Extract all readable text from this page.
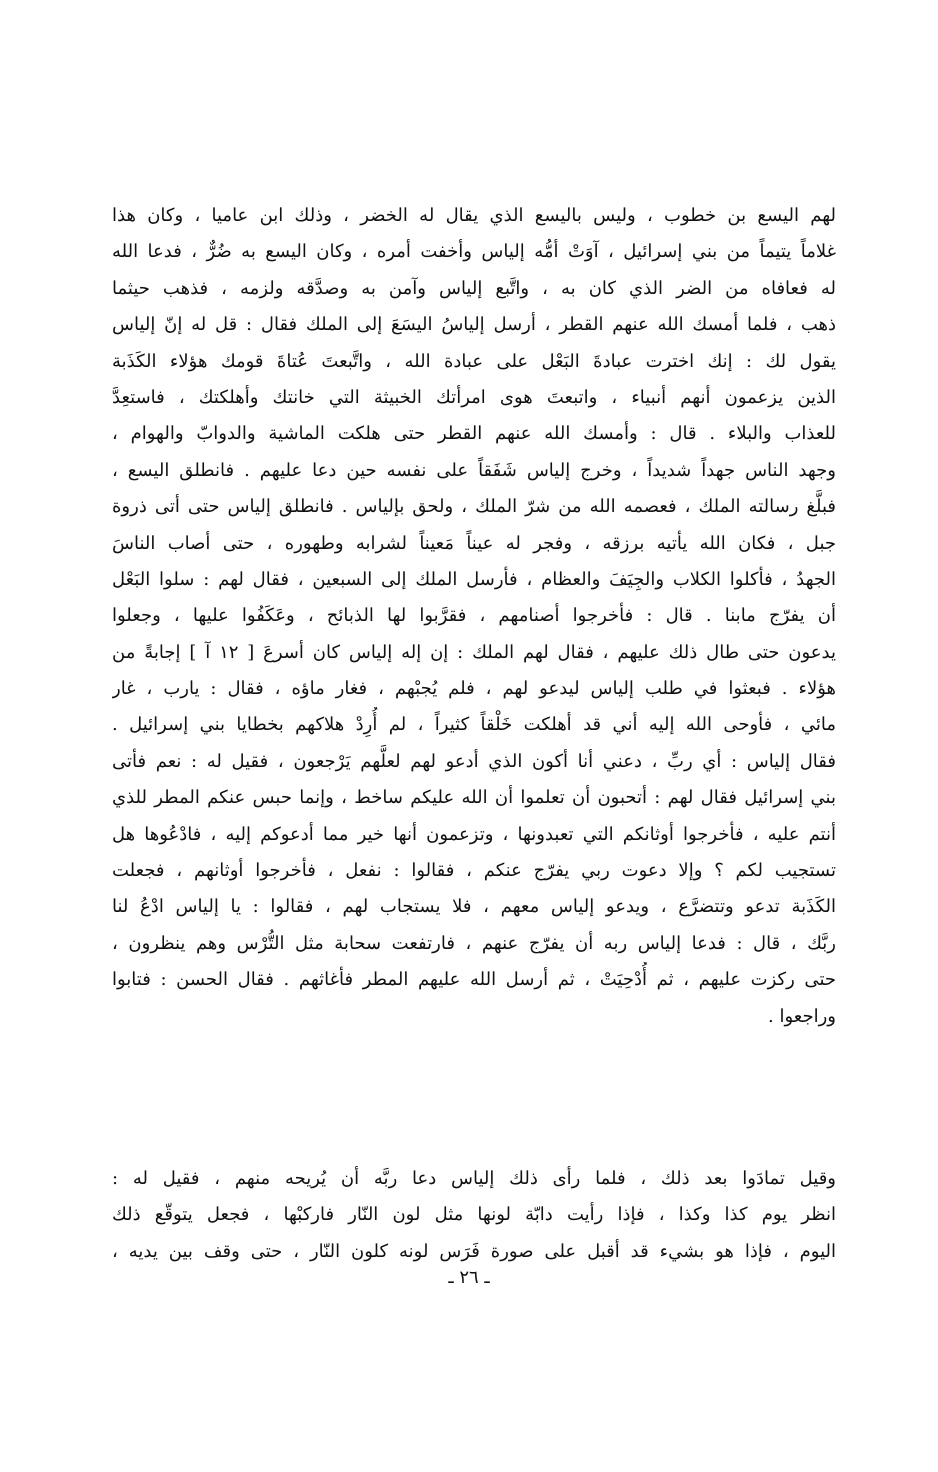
لهم اليسع بن خطوب ، وليس باليسع الذي يقال له الخضر ، وذلك ابن عاميا ، وكان هذا
غلاماً يتيماً من بني إسرائيل ، آوَتْ أمُّه إلياس وأخفت أمره ، وكان اليسع به ضُرٌّ ، فدعا الله
له فعافاه من الضر الذي كان به ، واتَّبع إلياس وآمن به وصدَّقه ولزمه ، فذهب حيثما
ذهب ، فلما أمسك الله عنهم القطر ، أرسل إلياسُ اليسَعَ إلى الملك فقال : قل له إنّ إلياس
يقول لك : إنك اخترت عبادةَ البَعْل على عبادة الله ، واتَّبعتَ عُتاةَ قومك هؤلاء الكَذَبة
الذين يزعمون أنهم أنبياء ، واتبعتَ هوى امرأتك الخبيثة التي خانتك وأهلكتك ، فاستعِدَّ
للعذاب والبلاء . قال : وأمسك الله عنهم القطر حتى هلكت الماشية والدوابّ والهوام ،
وجهد الناس جهداً شديداً ، وخرج إلياس شَفَقاً على نفسه حين دعا عليهم . فانطلق اليسع ،
فبلَّغ رسالته الملك ، فعصمه الله من شرّ الملك ، ولحق بإلياس . فانطلق إلياس حتى أتى ذروة
جبل ، فكان الله يأتيه برزقه ، وفجر له عيناً مَعيناً لشرابه وطهوره ، حتى أصاب الناسَ
الجهدُ ، فأكلوا الكلاب والجِيَفَ والعظام ، فأرسل الملك إلى السبعين ، فقال لهم : سلوا البَعْل
أن يفرّج مابنا . قال : فأخرجوا أصنامهم ، فقرَّبوا لها الذبائح ، وعَكَفُوا عليها ، وجعلوا
يدعون حتى طال ذلك عليهم ، فقال لهم الملك : إن إله إلياس كان أسرعَ [ ١٢ آ ] إجابةً من
هؤلاء . فبعثوا في طلب إلياس ليدعو لهم ، فلم يُجبْهم ، فغار ماؤه ، فقال : يارب ، غار
مائي ، فأوحى الله إليه أني قد أهلكت خَلْقاً كثيراً ، لم أُرِدْ هلاكهم بخطايا بني إسرائيل .
فقال إلياس : أي ربِّ ، دعني أنا أكون الذي أدعو لهم لعلَّهم يَرْجعون ، فقيل له : نعم فأتى
بني إسرائيل فقال لهم : أتحبون أن تعلموا أن الله عليكم ساخط ، وإنما حبس عنكم المطر للذي
أنتم عليه ، فأخرجوا أوثانكم التي تعبدونها ، وتزعمون أنها خير مما أدعوكم إليه ، فادْعُوها هل
تستجيب لكم ؟ وإلا دعوت ربي يفرّج عنكم ، فقالوا : نفعل ، فأخرجوا أوثانهم ، فجعلت
الكَذَبة تدعو وتتضرَّع ، ويدعو إلياس معهم ، فلا يستجاب لهم ، فقالوا : يا إلياس ادْعُ لنا
ربَّك ، قال : فدعا إلياس ربه أن يفرّج عنهم ، فارتفعت سحابة مثل التُّرْس وهم ينظرون ،
حتى ركزت عليهم ، ثم أُدْحِيَتْ ، ثم أرسل الله عليهم المطر فأغاثهم . فقال الحسن : فتابوا
وراجعوا .
وقيل تمادَوا بعد ذلك ، فلما رأى ذلك إلياس دعا ربَّه أن يُريحه منهم ، فقيل له :
انظر يوم كذا وكذا ، فإذا رأيت دابّة لونها مثل لون النّار فاركبْها ، فجعل يتوقّع ذلك
اليوم ، فإذا هو بشيء قد أقبل على صورة فَرَس لونه كلون النّار ، حتى وقف بين يديه ،
ـ ٢٦ ـ
